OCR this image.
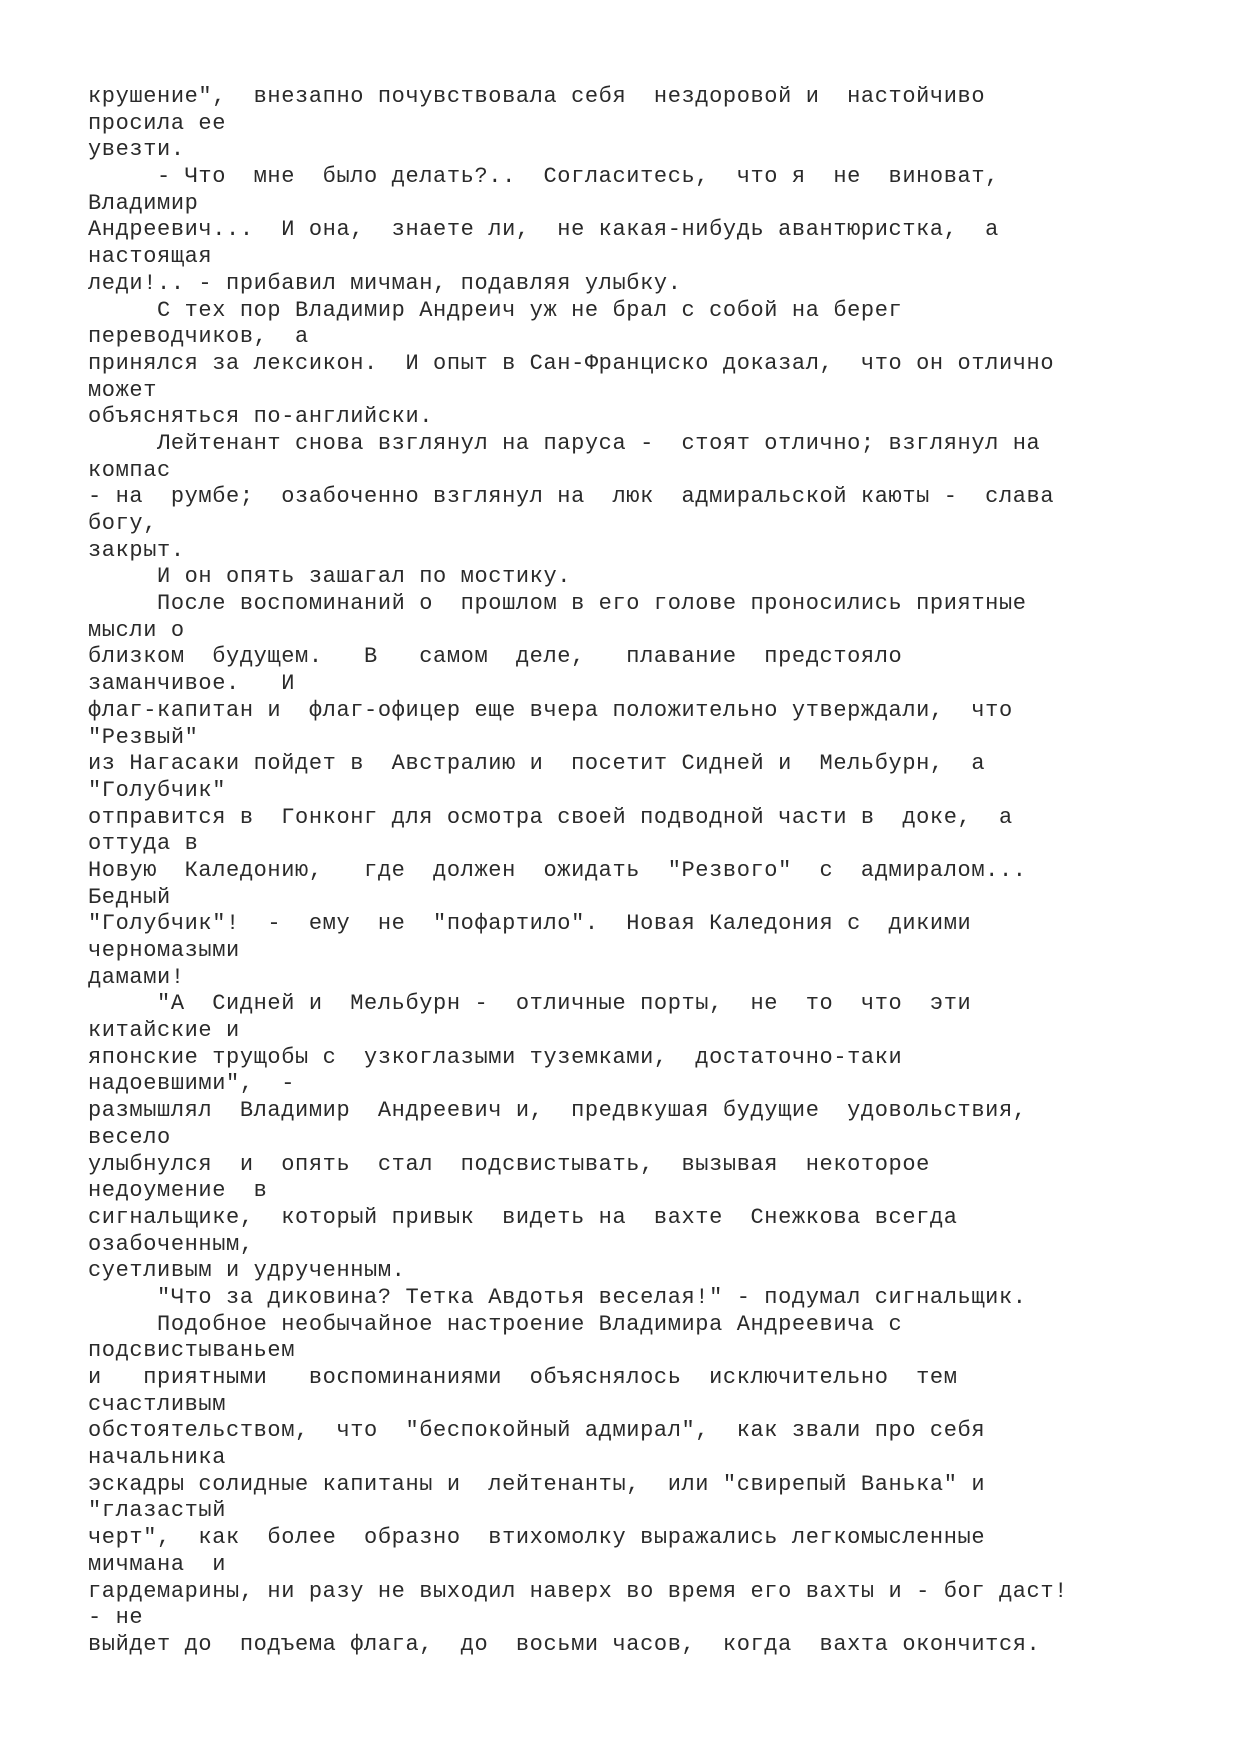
крушение",  внезапно почувствовала себя  нездоровой и  настойчиво
просила ее
увезти.
- Что  мне  было делать?..  Согласитесь,  что я  не  виноват,
Владимир
Андреевич...  И она,  знаете ли,  не какая-нибудь авантюристка,  а
настоящая
леди!.. - прибавил мичман, подавляя улыбку.
С тех пор Владимир Андреич уж не брал с собой на берег
переводчиков,  а
принялся за лексикон.  И опыт в Сан-Франциско доказал,  что он отлично
может
объясняться по-английски.
Лейтенант снова взглянул на паруса -  стоят отлично; взглянул на
компас
- на  румбе;  озабоченно взглянул на  люк  адмиральской каюты -  слава
богу,
закрыт.
И он опять зашагал по мостику.
После воспоминаний о  прошлом в его голове проносились приятные
мысли о
близком  будущем.   В   самом  деле,   плавание  предстояло
заманчивое.   И
флаг-капитан и  флаг-офицер еще вчера положительно утверждали,  что
"Резвый"
из Нагасаки пойдет в  Австралию и  посетит Сидней и  Мельбурн,  а
"Голубчик"
отправится в  Гонконг для осмотра своей подводной части в  доке,  а
оттуда в
Новую  Каледонию,   где  должен  ожидать  "Резвого"  с  адмиралом...
Бедный
"Голубчик"!  -  ему  не  "пофартило".  Новая Каледония с  дикими
черномазыми
дамами!
"А  Сидней и  Мельбурн -  отличные порты,  не  то  что  эти
китайские и
японские трущобы с  узкоглазыми туземками,  достаточно-таки
надоевшими",  -
размышлял  Владимир  Андреевич и,  предвкушая будущие  удовольствия,
весело
улыбнулся  и  опять  стал  подсвистывать,  вызывая  некоторое
недоумение  в
сигнальщике,  который привык  видеть на  вахте  Снежкова всегда
озабоченным,
суетливым и удрученным.
"Что за диковина? Тетка Авдотья веселая!" - подумал сигнальщик.
Подобное необычайное настроение Владимира Андреевича с
подсвистываньем
и   приятными   воспоминаниями  объяснялось  исключительно  тем
счастливым
обстоятельством,  что  "беспокойный адмирал",  как звали про себя
начальника
эскадры солидные капитаны и  лейтенанты,  или "свирепый Ванька" и
"глазастый
черт",  как  более  образно  втихомолку выражались легкомысленные
мичмана  и
гардемарины, ни разу не выходил наверх во время его вахты и - бог даст!
- не
выйдет до  подъема флага,  до  восьми часов,  когда  вахта окончится.
